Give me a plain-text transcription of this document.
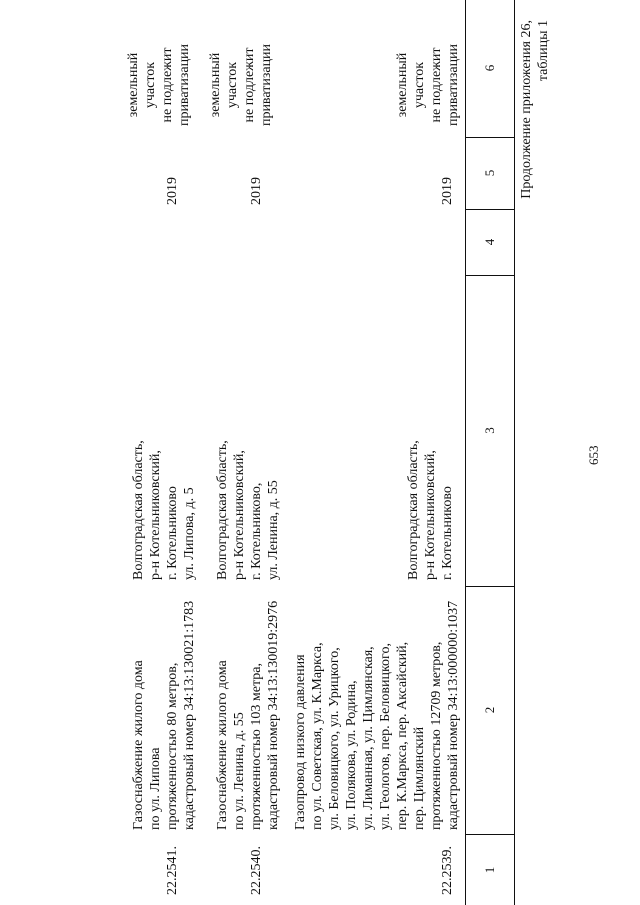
653
Продолжение приложения 26, таблицы 1
1
2
3
4
5
6
22.2539.
Газопровод низкого давления по ул. Советская, ул. К.Маркса, ул. Беловицкого, ул. Урицкого, ул. Полякова, ул. Родина, ул. Лиманная, ул. Цимлянская, ул. Геологов, пер. Беловицкого, пер. К.Маркса, пер. Аксайский, пер. Цимлянский протяженностью 12709 метров, кадастровый номер 34:13:000000:1037
Волгоградская область, р-н Котельниковский, г. Котельниково
2019
земельный участок не подлежит приватизации
22.2540.
Газоснабжение жилого дома по ул. Ленина, д. 55 протяженностью 103 метра, кадастровый номер 34:13:130019:2976
Волгоградская область, р-н Котельниковский, г. Котельниково, ул. Ленина, д. 55
2019
земельный участок не подлежит приватизации
22.2541.
Газоснабжение жилого дома по ул. Липова протяженностью 80 метров, кадастровый номер 34:13:130021:1783
Волгоградская область, р-н Котельниковский, г. Котельниково ул. Липова, д. 5
2019
земельный участок не подлежит приватизации
